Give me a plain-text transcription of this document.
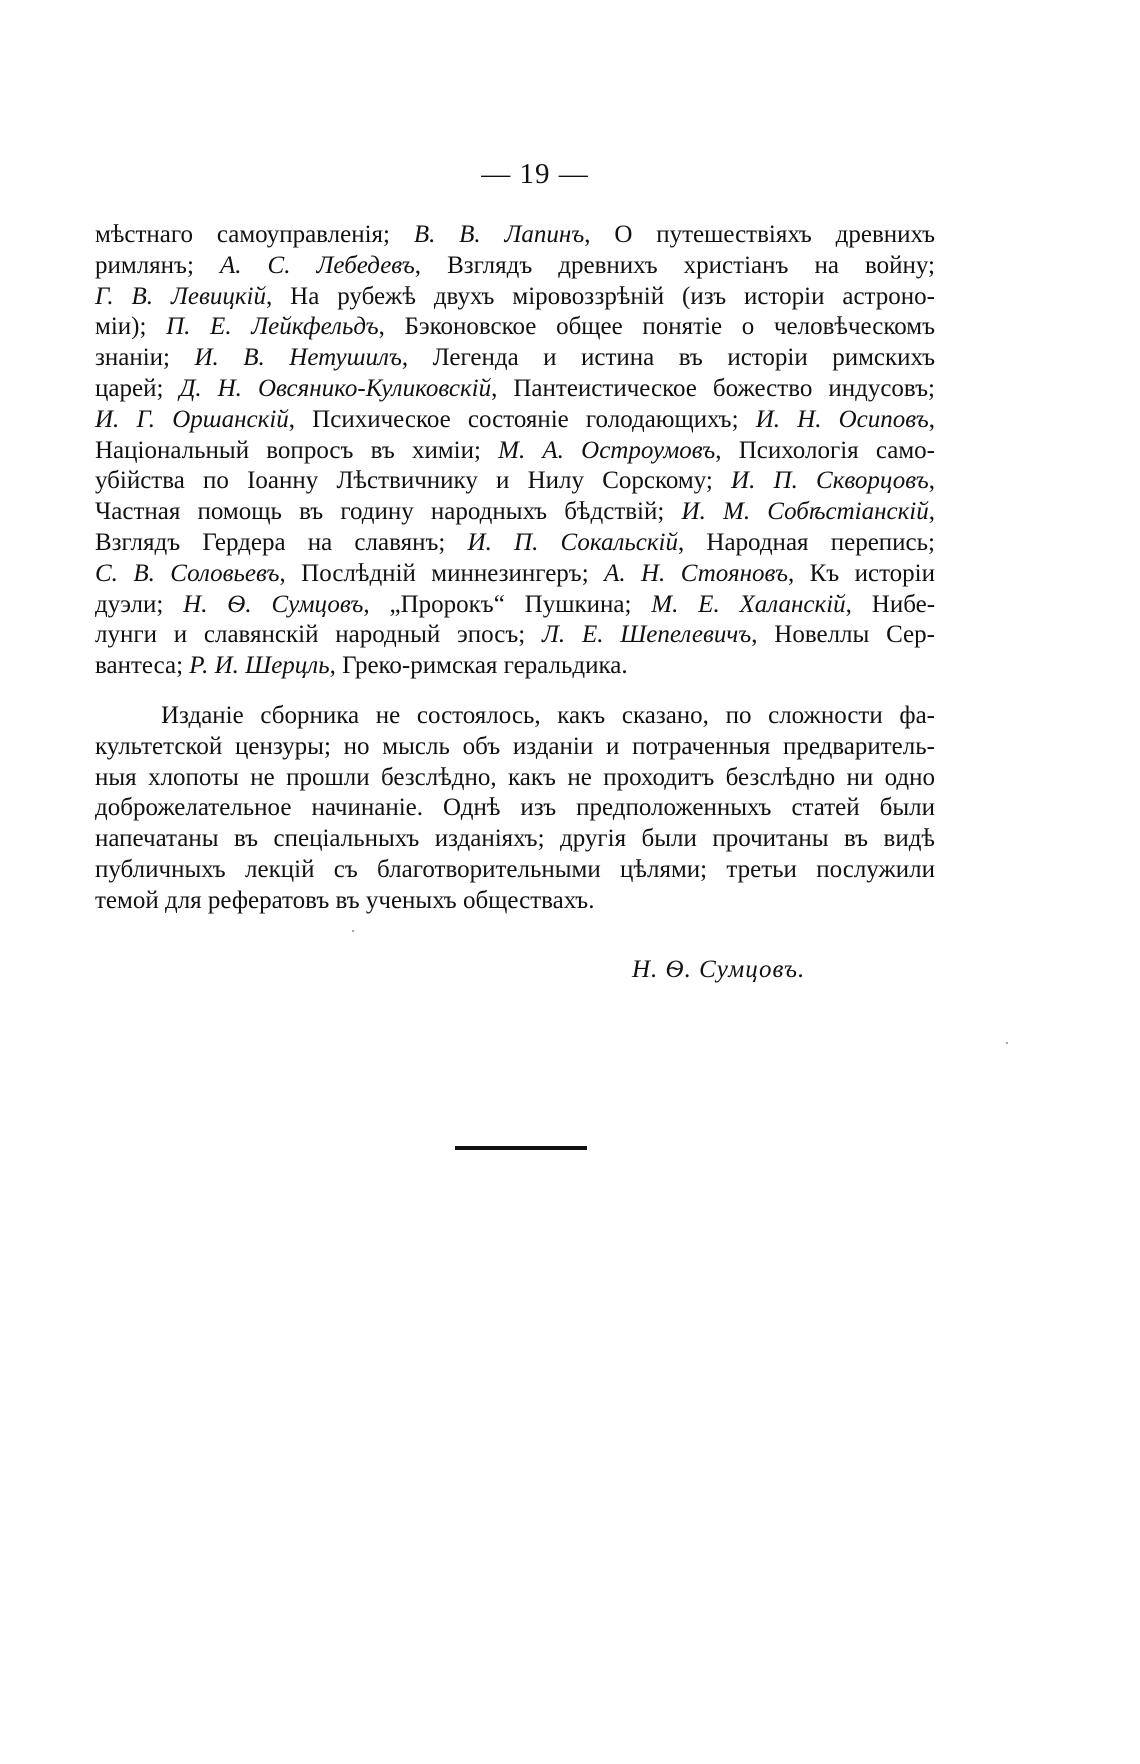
— 19 —
мѣстнаго самоуправленія; В. В. Лапинъ, О путешествіяхъ древнихъ
римлянъ; А. С. Лебедевъ, Взглядъ древнихъ христіанъ на войну;
Г. В. Левицкій, На рубежѣ двухъ міровоззрѣній (изъ исторіи астроно-
міи); П. Е. Лейкфельдъ, Бэконовское общее понятіе о человѣческомъ
знаніи; И. В. Нетушилъ, Легенда и истина въ исторіи римскихъ
царей; Д. Н. Овсянико-Куликовскій, Пантеистическое божество индусовъ;
И. Г. Оршанскій, Психическое состояніе голодающихъ; И. Н. Осиповъ,
Національный вопросъ въ химіи; М. А. Остроумовъ, Психологія само-
убійства по Іоанну Лѣствичнику и Нилу Сорскому; И. П. Скворцовъ,
Частная помощь въ годину народныхъ бѣдствій; И. М. Собѣстіанскій,
Взглядъ Гердера на славянъ; И. П. Сокальскій, Народная перепись;
С. В. Соловьевъ, Послѣдній миннезингеръ; А. Н. Стояновъ, Къ исторіи
дуэли; Н. Ѳ. Сумцовъ, „Пророкъ“ Пушкина; М. Е. Халанскій, Нибе-
лунги и славянскій народный эпосъ; Л. Е. Шепелевичъ, Новеллы Сер-
вантеса; Р. И. Шерцль, Греко-римская геральдика.
Изданіе сборника не состоялось, какъ сказано, по сложности фа-
культетской цензуры; но мысль объ изданіи и потраченныя предваритель-
ныя хлопоты не прошли безслѣдно, какъ не проходитъ безслѣдно ни одно
доброжелательное начинаніе. Однѣ изъ предположенныхъ статей были
напечатаны въ спеціальныхъ изданіяхъ; другія были прочитаны въ видѣ
публичныхъ лекцій съ благотворительными цѣлями; третьи послужили
темой для рефератовъ въ ученыхъ обществахъ.
Н. Ѳ. Сумцовъ.
